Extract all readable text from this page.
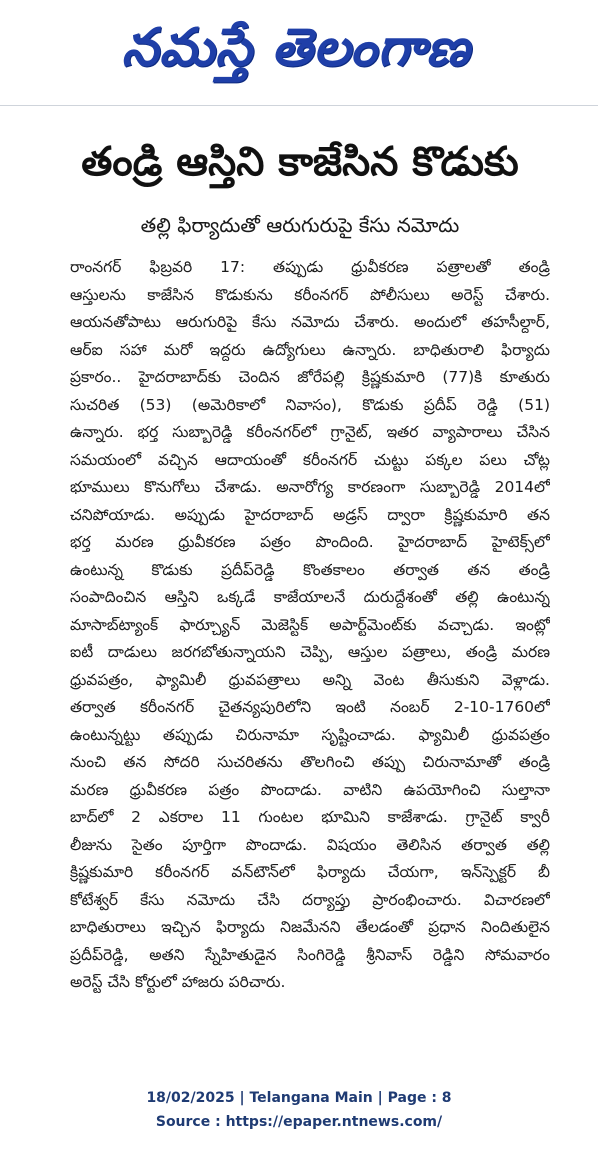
నమస్తే తెలంగాణ
తండ్రి ఆస్తిని కాజేసిన కొడుకు
తల్లి ఫిర్యాదుతో ఆరుగురుపై కేసు నమోదు
రాంనగర్ ఫిబ్రవరి 17: తప్పుడు ధ్రువీకరణ పత్రాలతో తండ్రి
ఆస్తులను కాజేసిన కొడుకును కరీంనగర్ పోలీసులు అరెస్ట్ చేశారు.
ఆయనతోపాటు ఆరుగురిపై కేసు నమోదు చేశారు. అందులో తహసీల్దార్,
ఆర్‌ఐ సహా మరో ఇద్దరు ఉద్యోగులు ఉన్నారు. బాధితురాలి ఫిర్యాదు
ప్రకారం.. హైదరాబాద్‌కు చెందిన జోరేపల్లి క్రిష్ణకుమారి (77)కి కూతురు
సుచరిత (53) (అమెరికాలో నివాసం), కొడుకు ప్రదీప్ రెడ్డి (51)
ఉన్నారు. భర్త సుబ్బారెడ్డి కరీంనగర్‌లో గ్రానైట్, ఇతర వ్యాపారాలు చేసిన
సమయంలో వచ్చిన ఆదాయంతో కరీంనగర్ చుట్టు పక్కల పలు చోట్ల
భూములు కొనుగోలు చేశాడు. అనారోగ్య కారణంగా సుబ్బారెడ్డి 2014లో
చనిపోయాడు. అప్పుడు హైదరాబాద్ అడ్రస్ ద్వారా క్రిష్ణకుమారి తన
భర్త మరణ ధ్రువీకరణ పత్రం పొందింది. హైదరాబాద్ హైటెక్స్‌లో
ఉంటున్న కొడుకు ప్రదీప్‌రెడ్డి కొంతకాలం తర్వాత తన తండ్రి
సంపాదించిన ఆస్తిని ఒక్కడే కాజేయాలనే దురుద్దేశంతో తల్లి ఉంటున్న
మాసాబ్‌ట్యాంక్ ఫార్చ్యూన్ మెజెస్టిక్ అపార్ట్‌మెంట్‌కు వచ్చాడు. ఇంట్లో
ఐటీ దాడులు జరగబోతున్నాయని చెప్పి, ఆస్తుల పత్రాలు, తండ్రి మరణ
ధ్రువపత్రం, ఫ్యామిలీ ధ్రువపత్రాలు అన్ని వెంట తీసుకుని వెళ్లాడు.
తర్వాత కరీంనగర్ చైతన్యపురిలోని ఇంటి నంబర్ 2-10-1760లో
ఉంటున్నట్టు తప్పుడు చిరునామా సృష్టించాడు. ఫ్యామిలీ ధ్రువపత్రం
నుంచి తన సోదరి సుచరితను తొలగించి తప్పు చిరునామాతో తండ్రి
మరణ ధ్రువీకరణ పత్రం పొందాడు. వాటిని ఉపయోగించి సుల్తానా
బాద్‌లో 2 ఎకరాల 11 గుంటల భూమిని కాజేశాడు. గ్రానైట్ క్వారీ
లీజును సైతం పూర్తిగా పొందాడు. విషయం తెలిసిన తర్వాత తల్లి
క్రిష్ణకుమారి కరీంనగర్ వన్‌టౌన్‌లో ఫిర్యాదు చేయగా, ఇన్‌స్పెక్టర్ బీ
కోటేశ్వర్ కేసు నమోదు చేసి దర్యాప్తు ప్రారంభించారు. విచారణలో
బాధితురాలు ఇచ్చిన ఫిర్యాదు నిజమేనని తేలడంతో ప్రధాన నిందితులైన
ప్రదీప్‌రెడ్డి, అతని స్నేహితుడైన సింగిరెడ్డి శ్రీనివాస్ రెడ్డిని సోమవారం
అరెస్ట్ చేసి కోర్టులో హాజరు పరిచారు.
18/02/2025 | Telangana Main | Page : 8
Source : https://epaper.ntnews.com/
